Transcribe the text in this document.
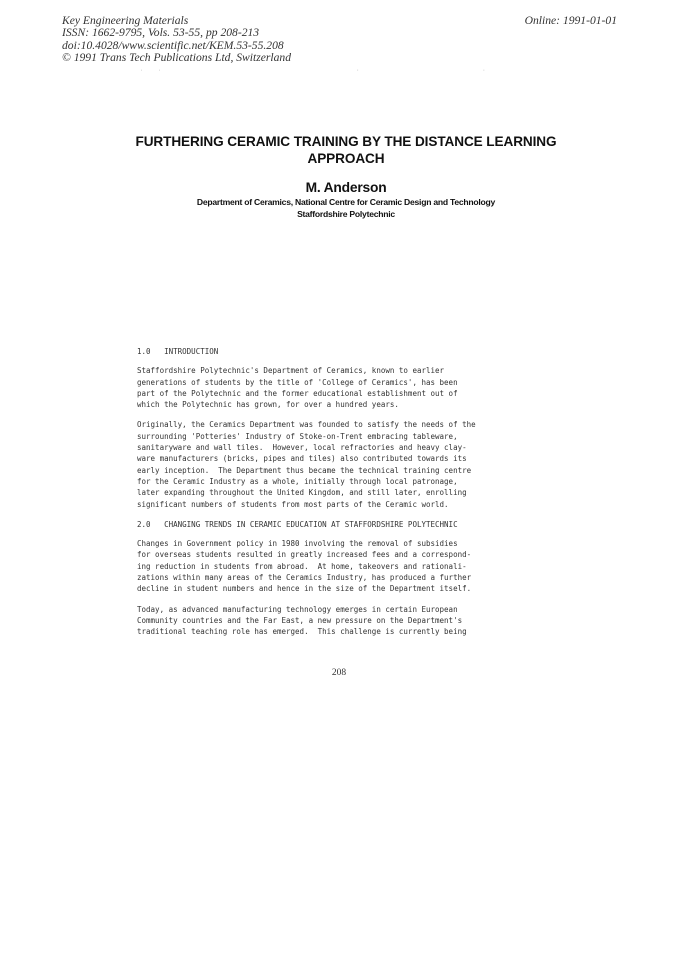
Key Engineering Materials
ISSN: 1662-9795, Vols. 53-55, pp 208-213
doi:10.4028/www.scientific.net/KEM.53-55.208
© 1991 Trans Tech Publications Ltd, Switzerland
Online: 1991-01-01
· ·                     ·             ·
FURTHERING CERAMIC TRAINING BY THE DISTANCE LEARNING
APPROACH
M. Anderson
Department of Ceramics, National Centre for Ceramic Design and Technology
Staffordshire Polytechnic
1.0   INTRODUCTION
Staffordshire Polytechnic's Department of Ceramics, known to earlier
generations of students by the title of 'College of Ceramics', has been
part of the Polytechnic and the former educational establishment out of
which the Polytechnic has grown, for over a hundred years.
Originally, the Ceramics Department was founded to satisfy the needs of the
surrounding 'Potteries' Industry of Stoke-on-Trent embracing tableware,
sanitaryware and wall tiles.  However, local refractories and heavy clay-
ware manufacturers (bricks, pipes and tiles) also contributed towards its
early inception.  The Department thus became the technical training centre
for the Ceramic Industry as a whole, initially through local patronage,
later expanding throughout the United Kingdom, and still later, enrolling
significant numbers of students from most parts of the Ceramic world.
2.0   CHANGING TRENDS IN CERAMIC EDUCATION AT STAFFORDSHIRE POLYTECHNIC
Changes in Government policy in 1980 involving the removal of subsidies
for overseas students resulted in greatly increased fees and a correspond-
ing reduction in students from abroad.  At home, takeovers and rationali-
zations within many areas of the Ceramics Industry, has produced a further
decline in student numbers and hence in the size of the Department itself.
Today, as advanced manufacturing technology emerges in certain European
Community countries and the Far East, a new pressure on the Department's
traditional teaching role has emerged.  This challenge is currently being
208
